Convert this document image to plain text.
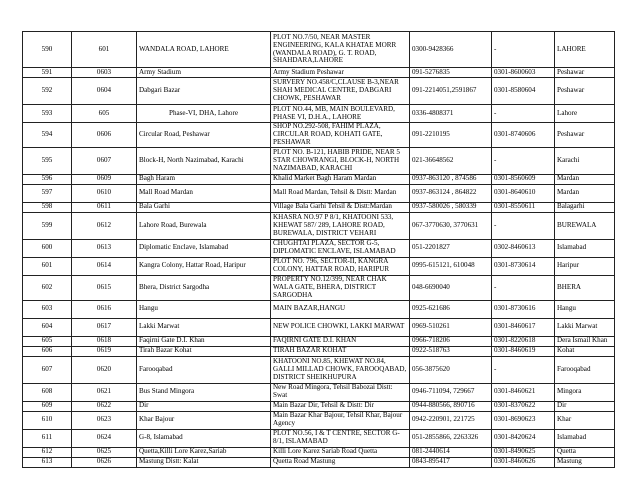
590	601	WANDALA ROAD, LAHORE	PLOT NO.7/50, NEAR MASTER ENGINEERING, KALA KHATAE MORR (WANDALA ROAD), G. T. ROAD, SHAHDARA,LAHORE	0300-9428366	-	LAHORE
591	0603	Army Stadium	Army Stadium Peshawar	091-5276835	0301-8600603	Peshawar
592	0604	Dabgari Bazar	SURVERY NO.458/C,CLAUSE B-3,NEAR SHAH MEDICAL CENTRE, DABGARI CHOWK, PESHAWAR	091-2214051,2591867	0301-8580604	Peshawar
593	605	Phase-VI, DHA, Lahore	PLOT NO.44, MB, MAIN BOULEVARD, PHASE VI, D.H.A., LAHORE	0336-4808371	-	Lahore
594	0606	Circular Road, Peshawar	SHOP NO.292-508, FAHIM PLAZA, CIRCULAR ROAD, KOHATI GATE, PESHAWAR	091-2210195	0301-8740606	Peshawar
595	0607	Block-H, North Nazimabad, Karachi	PLOT NO. B-121, HABIB PRIDE, NEAR 5 STAR CHOWRANGI, BLOCK-H, NORTH NAZIMABAD, KARACHI	021-36648562	-	Karachi
596	0609	Bagh Haram	Khalid Market Bagh Haram Mardan	0937-863120 , 874586	0301-8560609	Mardan
597	0610	Mall Road Mardan	Mall Road Mardan, Tehsil & Distt: Mardan	0937-863124 , 864822	0301-8640610	Mardan
598	0611	Bala Garhi	Village Bala Garhi Tehsil & Distt:Mardan	0937-580026 , 580339	0301-8550611	Balagarhi
599	0612	Lahore Road, Burewala	KHASRA NO.97 P 8/1, KHATOONI 533, KHEWAT 587/ 289, LAHORE ROAD, BUREWALA, DISTRICT VEHARI	067-3770630, 3770631	-	BUREWALA
600	0613	Diplomatic Enclave, Islamabad	CHUGHTAI PLAZA, SECTOR G-5, DIPLOMATIC ENCLAVE, ISLAMABAD	051-2201827	0302-8460613	Islamabad
601	0614	Kangra Colony, Hattar Road, Haripur	PLOT NO. 796, SECTOR-II, KANGRA COLONY, HATTAR ROAD, HARIPUR	0995-615121, 610048	0301-8730614	Haripur
602	0615	Bhera, District Sargodha	PROPERTY NO.12/399, NEAR CHAK WALA GATE, BHERA, DISTRICT SARGODHA	048-6690040	-	BHERA
603	0616	Hangu	MAIN BAZAR,HANGU	0925-621686	0301-8730616	Hangu
604	0617	Lakki Marwat	NEW POLICE CHOWKI, LAKKI MARWAT	0969-510261	0301-8460617	Lakki Marwat
605	0618	Faqirni Gate D.I. Khan	FAQIRNI GATE D.I. KHAN	0966-718206	0301-8220618	Dera Ismail Khan
606	0619	Tirah Bazar Kohat	TIRAH BAZAR KOHAT	0922-518763	0301-8460619	Kohat
607	0620	Farooqabad	KHATOONI NO.85, KHEWAT NO.84, GALLI MILLAD CHOWK, FAROOQABAD, DISTRICT SHEIKHUPURA	056-3875620	-	Farooqabad
608	0621	Bus Stand Mingora	New Road Mingora, Tehsil Babozai Distt: Swat	0946-711094, 729667	0301-8460621	Mingora
609	0622	Dir	Main Bazar Dir, Tehsil & Distt: Dir	0944-880566, 890716	0301-8370622	Dir
610	0623	Khar Bajour	Main Bazar Khar Bajour, Tehsil Khar, Bajour Agency	0942-220901, 221725	0301-8690623	Khar
611	0624	G-8, Islamabad	PLOT NO.56, I & T CENTRE, SECTOR G-8/1, ISLAMABAD	051-2855866, 2263326	0301-8420624	Islamabad
612	0625	Quetta,Killi Lore Karez,Sariab	Killi Lore Karez Sariab Road Quetta	081-2440614	0301-8490625	Quetta
613	0626	Mastung Distt: Kalat	Quetta Road Mastung	0843-895417	0301-8460626	Mastung
